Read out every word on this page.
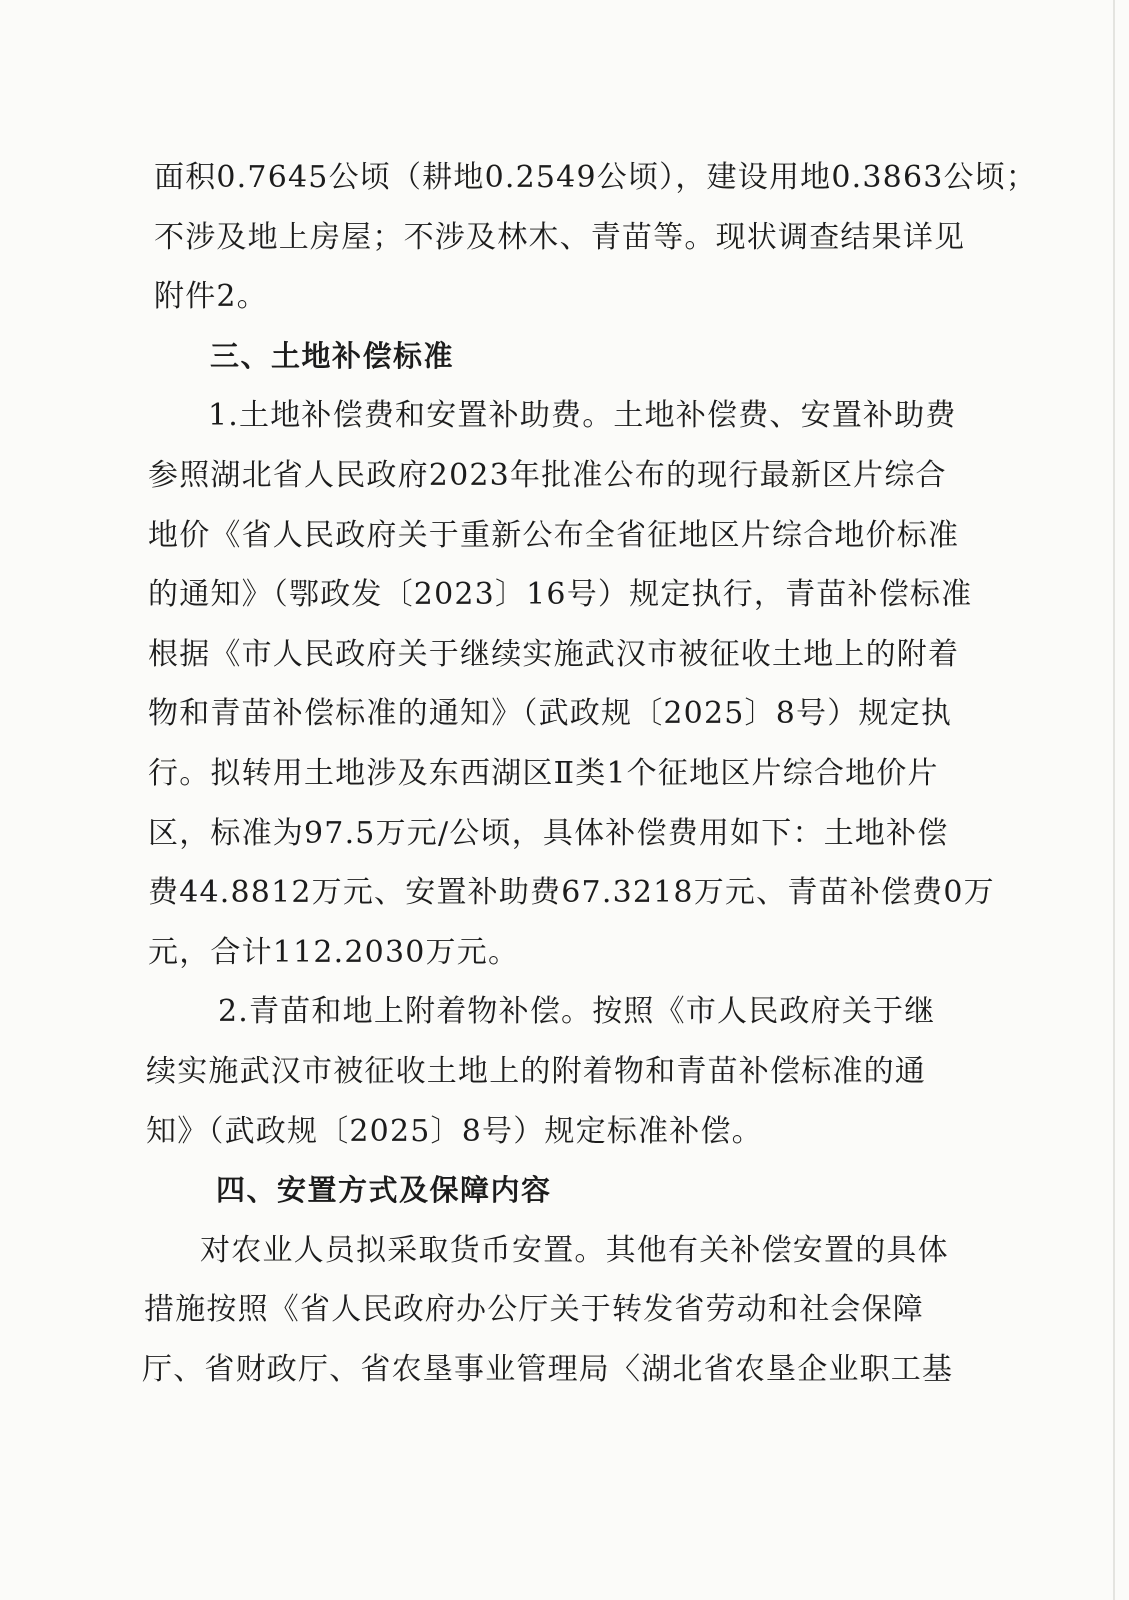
面积0.7645公顷（耕地0.2549公顷），建设用地0.3863公顷；
不涉及地上房屋；不涉及林木、青苗等。现状调查结果详见
附件2。
三、土地补偿标准
1.土地补偿费和安置补助费。土地补偿费、安置补助费
参照湖北省人民政府2023年批准公布的现行最新区片综合
地价《省人民政府关于重新公布全省征地区片综合地价标准
的通知》（鄂政发〔2023〕16号）规定执行，青苗补偿标准
根据《市人民政府关于继续实施武汉市被征收土地上的附着
物和青苗补偿标准的通知》（武政规〔2025〕8号）规定执
行。拟转用土地涉及东西湖区Ⅱ类1个征地区片综合地价片
区，标准为97.5万元/公顷，具体补偿费用如下：土地补偿
费44.8812万元、安置补助费67.3218万元、青苗补偿费0万
元，合计112.2030万元。
2.青苗和地上附着物补偿。按照《市人民政府关于继
续实施武汉市被征收土地上的附着物和青苗补偿标准的通
知》（武政规〔2025〕8号）规定标准补偿。
四、安置方式及保障内容
对农业人员拟采取货币安置。其他有关补偿安置的具体
措施按照《省人民政府办公厅关于转发省劳动和社会保障
厅、省财政厅、省农垦事业管理局〈湖北省农垦企业职工基
